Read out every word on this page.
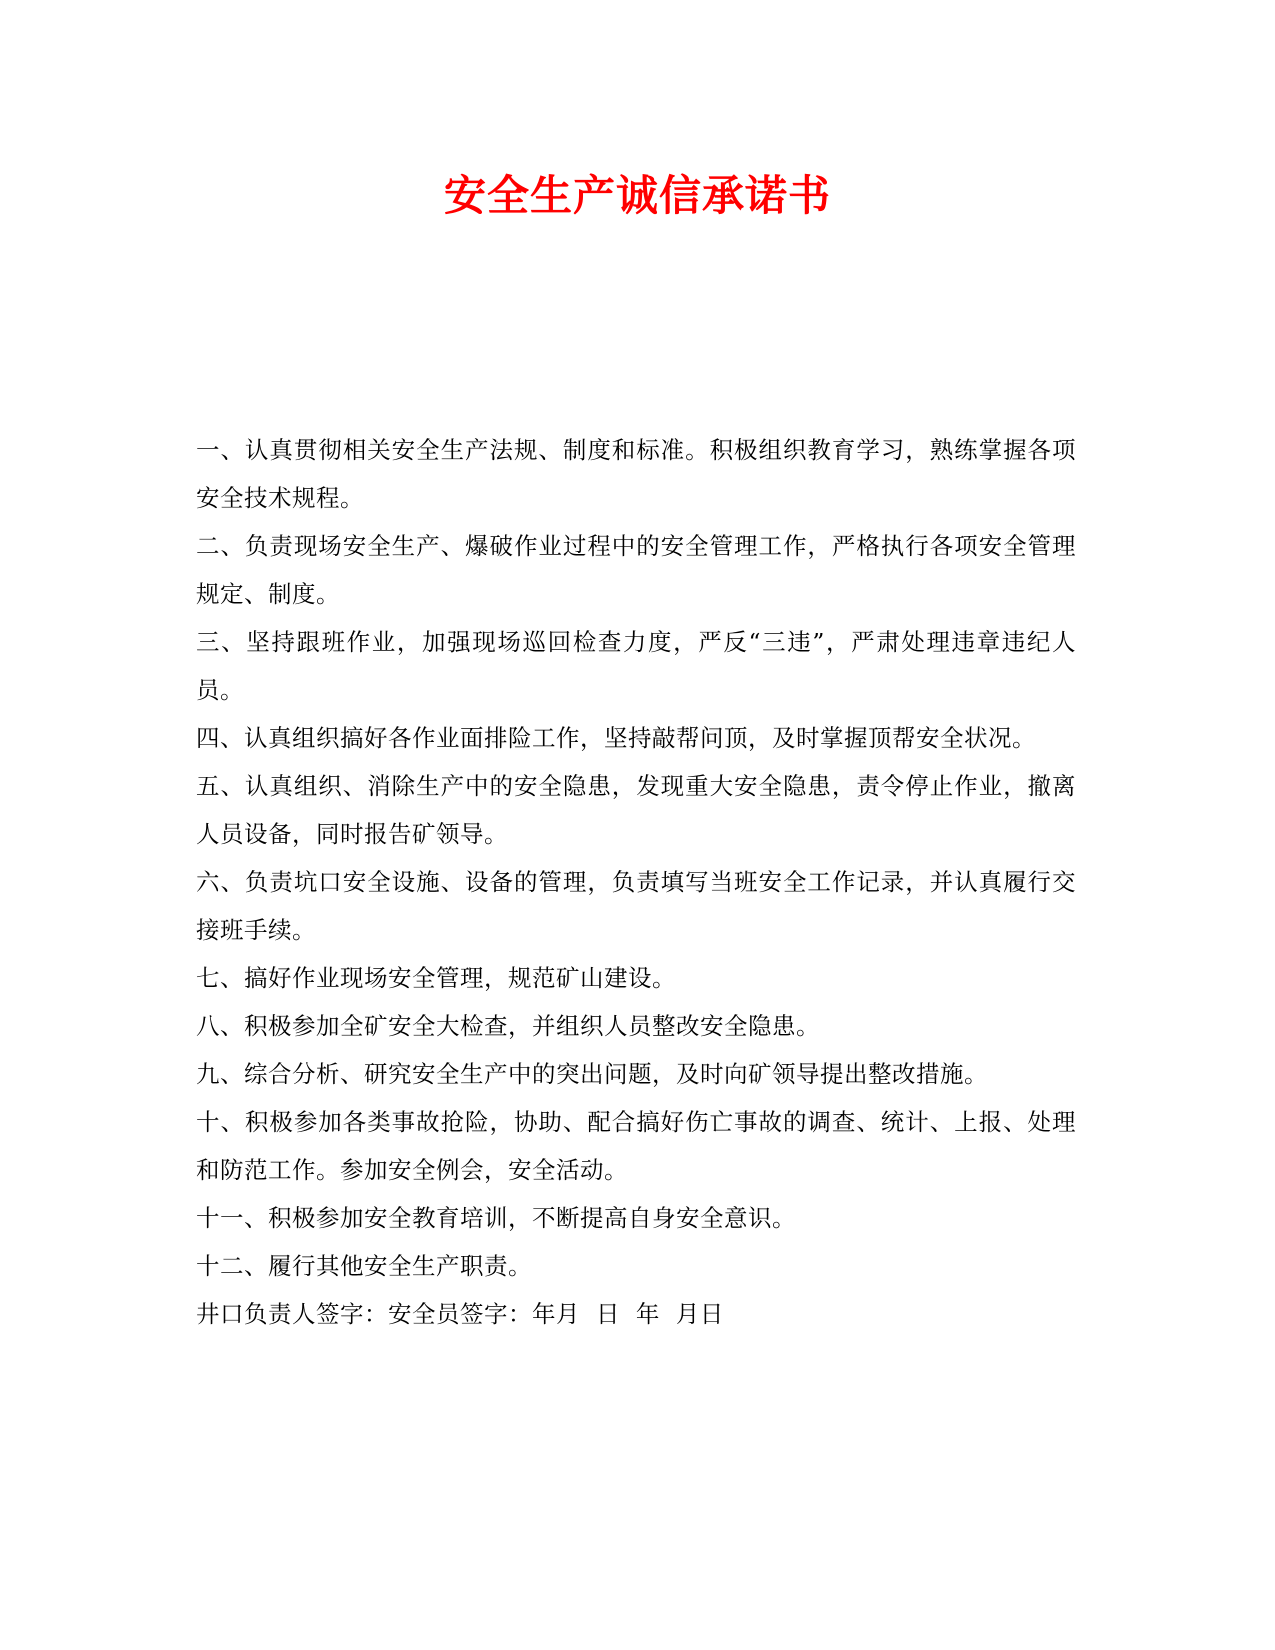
安全生产诚信承诺书

一、认真贯彻相关安全生产法规、制度和标准。积极组织教育学习，熟练掌握各项安全技术规程。

二、负责现场安全生产、爆破作业过程中的安全管理工作，严格执行各项安全管理规定、制度。

三、坚持跟班作业，加强现场巡回检查力度，严反“三违”，严肃处理违章违纪人员。

四、认真组织搞好各作业面排险工作，坚持敲帮问顶，及时掌握顶帮安全状况。

五、认真组织、消除生产中的安全隐患，发现重大安全隐患，责令停止作业，撤离人员设备，同时报告矿领导。

六、负责坑口安全设施、设备的管理，负责填写当班安全工作记录，并认真履行交接班手续。

七、搞好作业现场安全管理，规范矿山建设。

八、积极参加全矿安全大检查，并组织人员整改安全隐患。

九、综合分析、研究安全生产中的突出问题，及时向矿领导提出整改措施。

十、积极参加各类事故抢险，协助、配合搞好伤亡事故的调查、统计、上报、处理和防范工作。参加安全例会，安全活动。

十一、积极参加安全教育培训，不断提高自身安全意识。

十二、履行其他安全生产职责。

井口负责人签字：安全员签字：年月  日  年  月日
